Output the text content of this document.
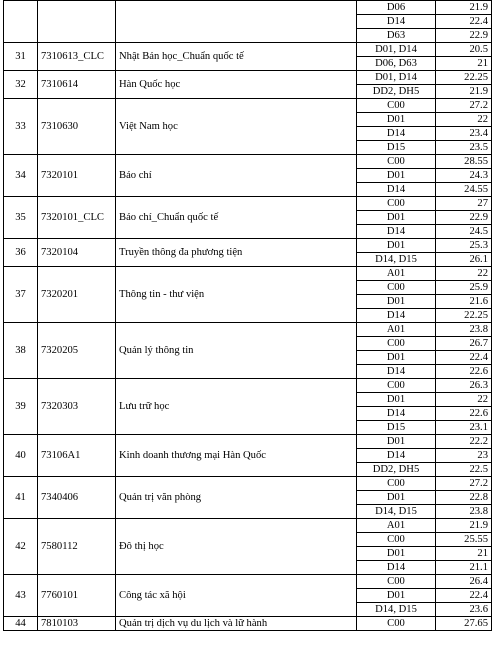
			D06	21.9
			D14	22.4
			D63	22.9
31	7310613_CLC	Nhật Bản học_Chuẩn quốc tế	D01, D14	20.5
			D06, D63	21
32	7310614	Hàn Quốc học	D01, D14	22.25
			DD2, DH5	21.9
33	7310630	Việt Nam học	C00	27.2
			D01	22
			D14	23.4
			D15	23.5
34	7320101	Báo chí	C00	28.55
			D01	24.3
			D14	24.55
35	7320101_CLC	Báo chí_Chuẩn quốc tế	C00	27
			D01	22.9
			D14	24.5
36	7320104	Truyền thông đa phương tiện	D01	25.3
			D14, D15	26.1
37	7320201	Thông tin - thư viện	A01	22
			C00	25.9
			D01	21.6
			D14	22.25
38	7320205	Quản lý thông tin	A01	23.8
			C00	26.7
			D01	22.4
			D14	22.6
39	7320303	Lưu trữ học	C00	26.3
			D01	22
			D14	22.6
			D15	23.1
40	73106A1	Kinh doanh thương mại Hàn Quốc	D01	22.2
			D14	23
			DD2, DH5	22.5
41	7340406	Quản trị văn phòng	C00	27.2
			D01	22.8
			D14, D15	23.8
42	7580112	Đô thị học	A01	21.9
			C00	25.55
			D01	21
			D14	21.1
43	7760101	Công tác xã hội	C00	26.4
			D01	22.4
			D14, D15	23.6
44	7810103	Quản trị dịch vụ du lịch và lữ hành	C00	27.65
